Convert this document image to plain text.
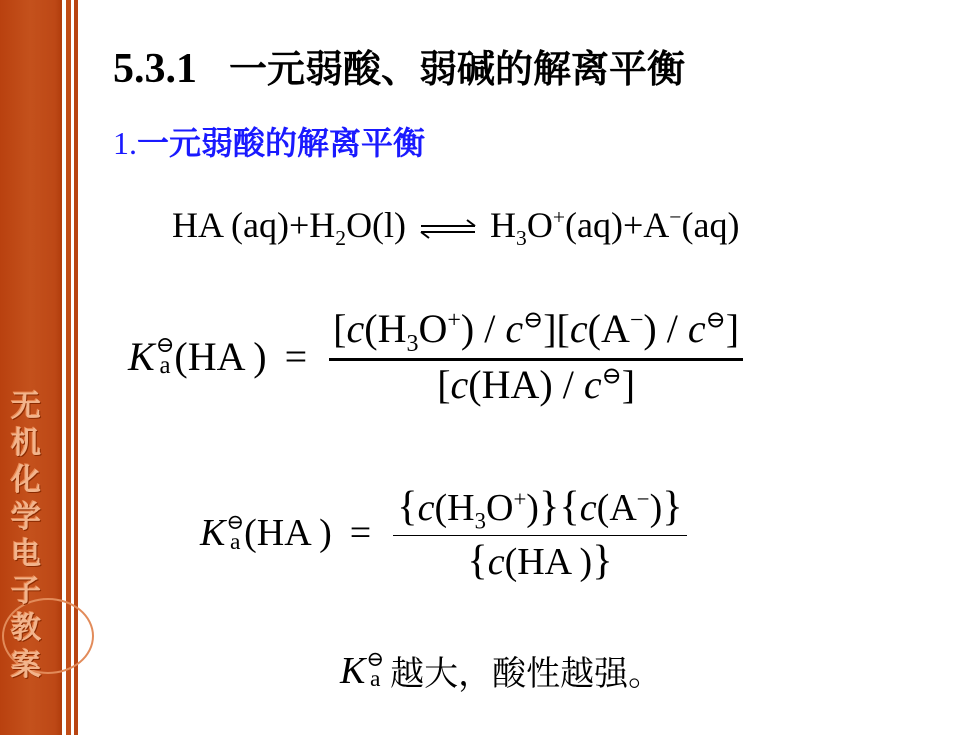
无
机
化
学
电
子
教
案
5.3.1 一元弱酸、弱碱的解离平衡
1.一元弱酸的解离平衡
HA $(aq)+H_2O(l)$ ⇌ $H_3O^+(aq)+A^-(aq)$
K ⊖
a (HA ) = $\frac{[c(H_3O^+) / c^⊖][c(A^-) / c^⊖]}{[c(HA) / c^⊖]}$
K ⊖
a (HA ) = $\frac{\{c(H_3O^+)\}\{c(A^-)\}}{\{c(HA )\}}$
K ⊖
a 越大，酸性越强。
